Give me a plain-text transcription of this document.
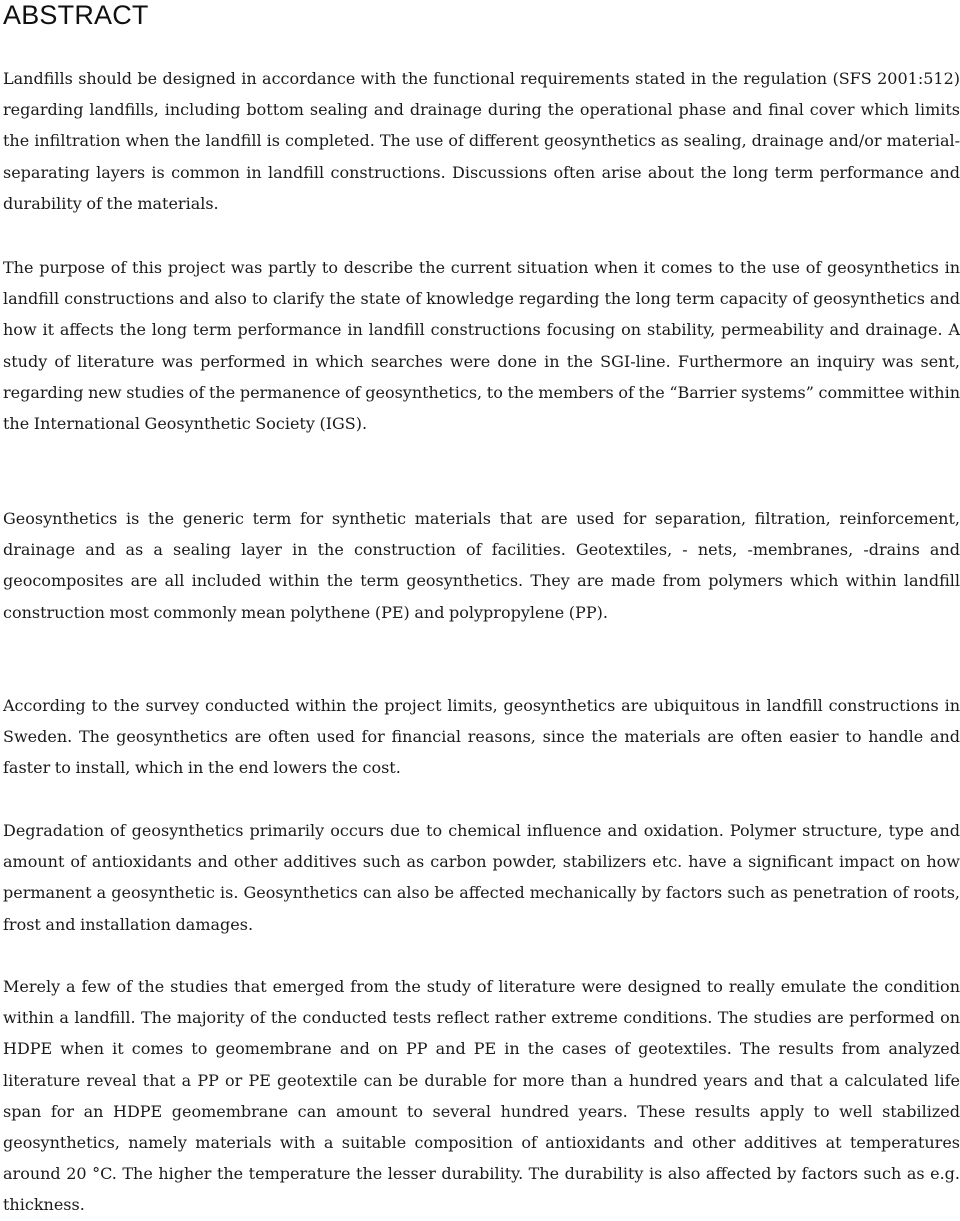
ABSTRACT

Landfills should be designed in accordance with the functional requirements stated in the regulation (SFS 2001:512) regarding landfills, including bottom sealing and drainage during the operational phase and final cover which limits the infiltration when the landfill is completed. The use of different geosynthetics as sealing, drainage and/or material-separating layers is common in landfill constructions. Discussions often arise about the long term performance and durability of the materials.

The purpose of this project was partly to describe the current situation when it comes to the use of geosynthetics in landfill constructions and also to clarify the state of knowledge regarding the long term capacity of geosynthetics and how it affects the long term performance in landfill constructions focusing on stability, permeability and drainage. A study of literature was performed in which searches were done in the SGI-line. Furthermore an inquiry was sent, regarding new studies of the permanence of geosynthetics, to the members of the “Barrier systems” committee within the International Geosynthetic Society (IGS).

Geosynthetics is the generic term for synthetic materials that are used for separation, filtration, reinforcement, drainage and as a sealing layer in the construction of facilities. Geotextiles, - nets, -membranes, -drains and geocomposites are all included within the term geosynthetics. They are made from polymers which within landfill construction most commonly mean polythene (PE) and polypropylene (PP).

According to the survey conducted within the project limits, geosynthetics are ubiquitous in landfill constructions in Sweden. The geosynthetics are often used for financial reasons, since the materials are often easier to handle and faster to install, which in the end lowers the cost.

Degradation of geosynthetics primarily occurs due to chemical influence and oxidation. Polymer structure, type and amount of antioxidants and other additives such as carbon powder, stabilizers etc. have a significant impact on how permanent a geosynthetic is. Geosynthetics can also be affected mechanically by factors such as penetration of roots, frost and installation damages.

Merely a few of the studies that emerged from the study of literature were designed to really emulate the condition within a landfill. The majority of the conducted tests reflect rather extreme conditions. The studies are performed on HDPE when it comes to geomembrane and on PP and PE in the cases of geotextiles. The results from analyzed literature reveal that a PP or PE geotextile can be durable for more than a hundred years and that a calculated life span for an HDPE geomembrane can amount to several hundred years. These results apply to well stabilized geosynthetics, namely materials with a suitable composition of antioxidants and other additives at temperatures around 20 °C. The higher the temperature the lesser durability. The durability is also affected by factors such as e.g. thickness.
